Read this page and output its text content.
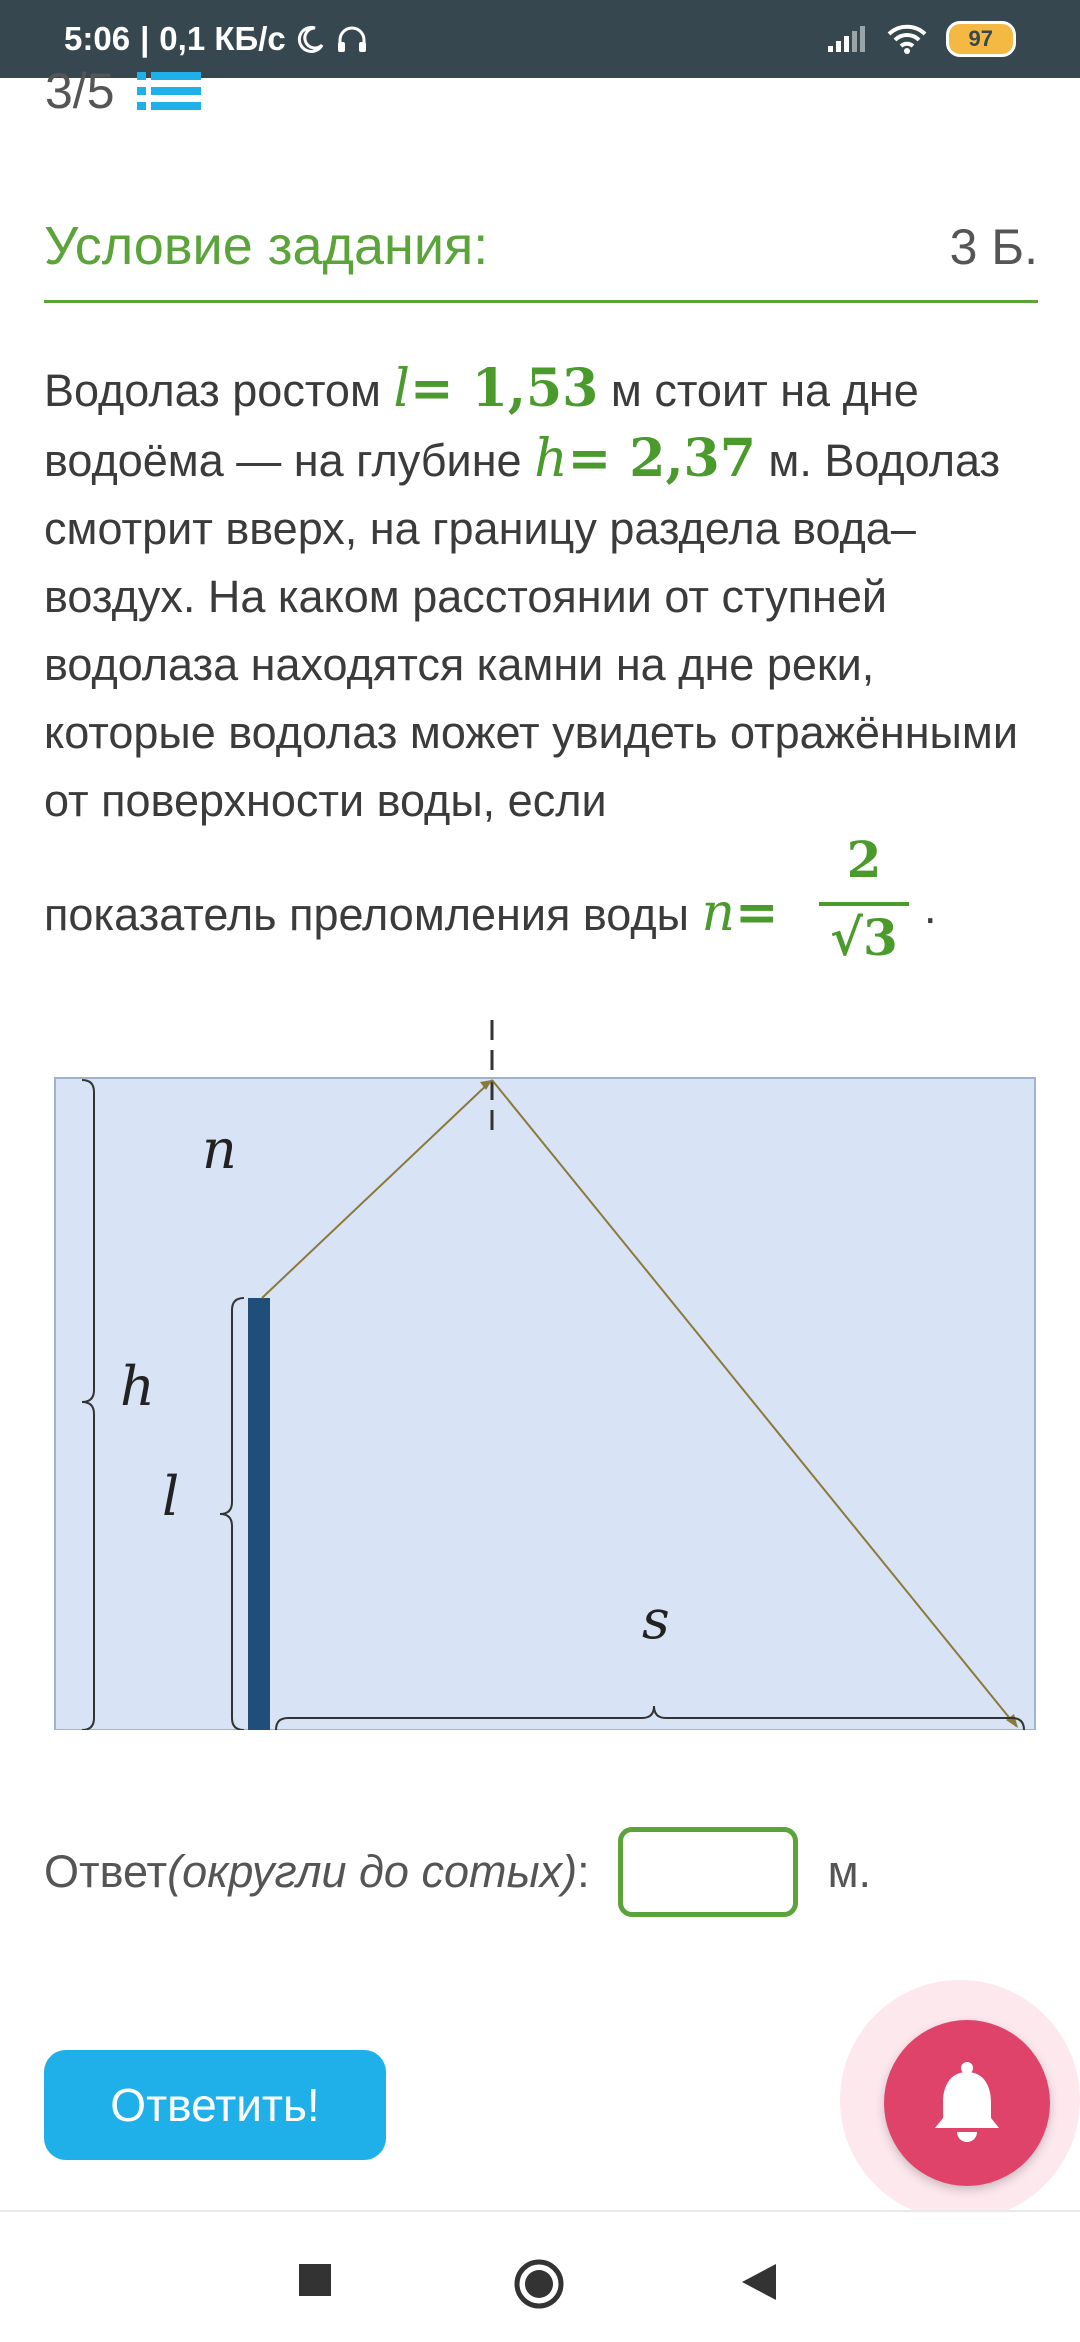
5:06 | 0,1 КБ/с	97
3/5
Условие задания:	3 Б.
Водолаз ростом l= 1,53 м стоит на дне водоёма — на глубине h= 2,37 м. Водолаз смотрит вверх, на границу раздела вода–воздух. На каком расстоянии от ступней водолаза находятся камни на дне реки, которые водолаз может увидеть отражёнными от поверхности воды, если
показатель преломления воды n=
2
√3
.
n
h
l
s
Ответ (округли до сотых) :	м.
Ответить!
